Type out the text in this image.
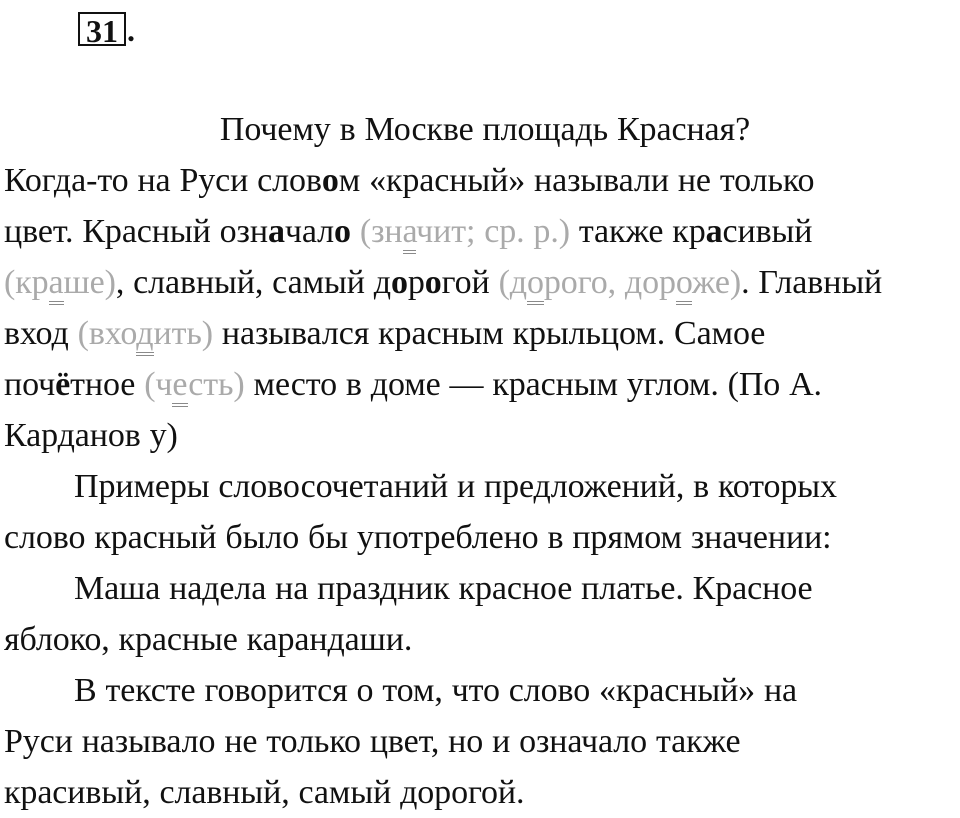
31 .
Почему в Москве площадь Красная?
Когда-то на Руси словом «красный» называли не только
цвет. Красный означало (значит; ср. р.) также красивый
(краше), славный, самый дорогой (дорого, дороже). Главный
вход (входить) назывался красным крыльцом. Самое
почётное (честь) место в доме — красным углом. (По А.
Карданов у)
Примеры словосочетаний и предложений, в которых
слово красный было бы употреблено в прямом значении:
Маша надела на праздник красное платье. Красное
яблоко, красные карандаши.
В тексте говорится о том, что слово «красный» на
Руси называло не только цвет, но и означало также
красивый, славный, самый дорогой.
